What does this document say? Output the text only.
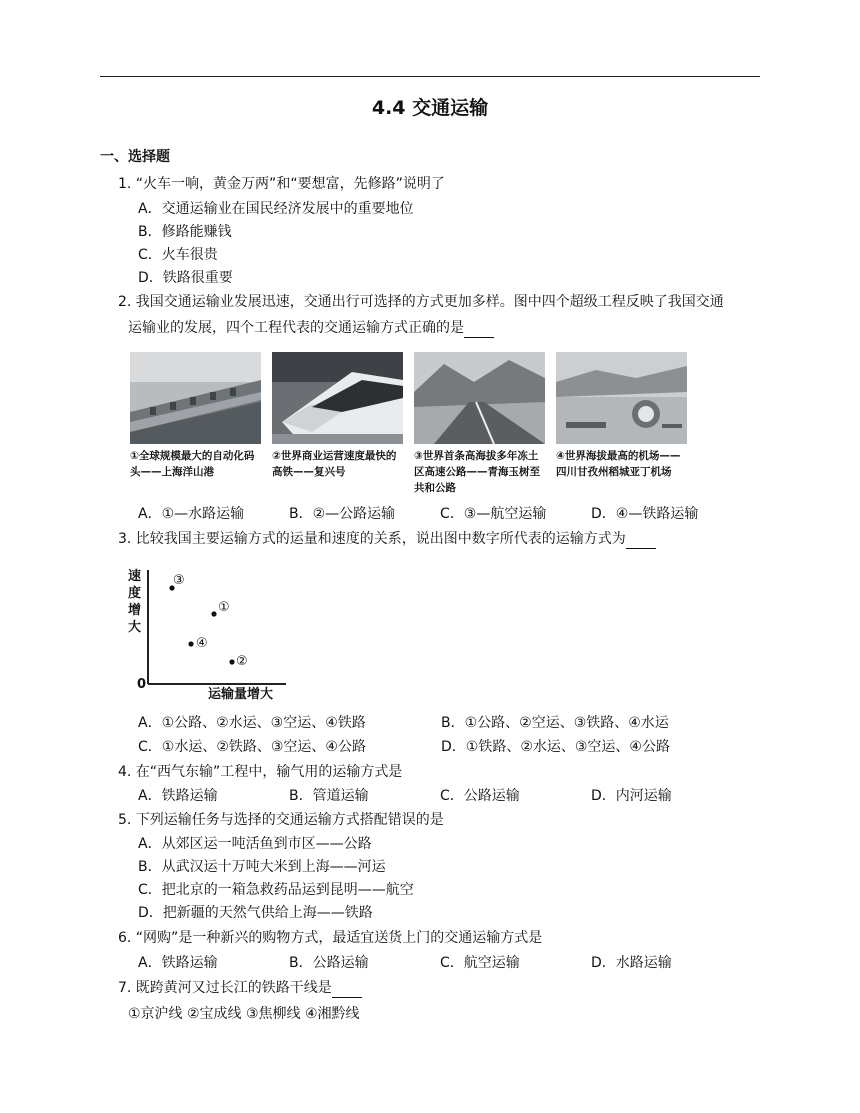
4.4 交通运输
一、选择题
1. “火车一响，黄金万两”和“要想富，先修路”说明了
A．交通运输业在国民经济发展中的重要地位
B．修路能赚钱
C．火车很贵
D．铁路很重要
2. 我国交通运输业发展迅速，交通出行可选择的方式更加多样。图中四个超级工程反映了我国交通
运输业的发展，四个工程代表的交通运输方式正确的是
①全球规模最大的自动化码头——上海洋山港
②世界商业运营速度最快的高铁——复兴号
③世界首条高海拔多年冻土区高速公路——青海玉树至共和公路
④世界海拔最高的机场——四川甘孜州稻城亚丁机场
A．①—水路运输	B．②—公路运输	C．③—航空运输	D．④—铁路运输
3. 比较我国主要运输方式的运量和速度的关系，说出图中数字所代表的运输方式为
速度增大
0
运输量增大
③
①
④
②
A．①公路、②水运、③空运、④铁路	B．①公路、②空运、③铁路、④水运
C．①水运、②铁路、③空运、④公路	D．①铁路、②水运、③空运、④公路
4. 在“西气东输”工程中，输气用的运输方式是
A．铁路运输	B．管道运输	C．公路运输	D．内河运输
5. 下列运输任务与选择的交通运输方式搭配错误的是
A．从郊区运一吨活鱼到市区——公路
B．从武汉运十万吨大米到上海——河运
C．把北京的一箱急救药品运到昆明——航空
D．把新疆的天然气供给上海——铁路
6. “网购”是一种新兴的购物方式，最适宜送货上门的交通运输方式是
A．铁路运输	B．公路运输	C．航空运输	D．水路运输
7. 既跨黄河又过长江的铁路干线是
①京沪线 ②宝成线 ③焦柳线 ④湘黔线
